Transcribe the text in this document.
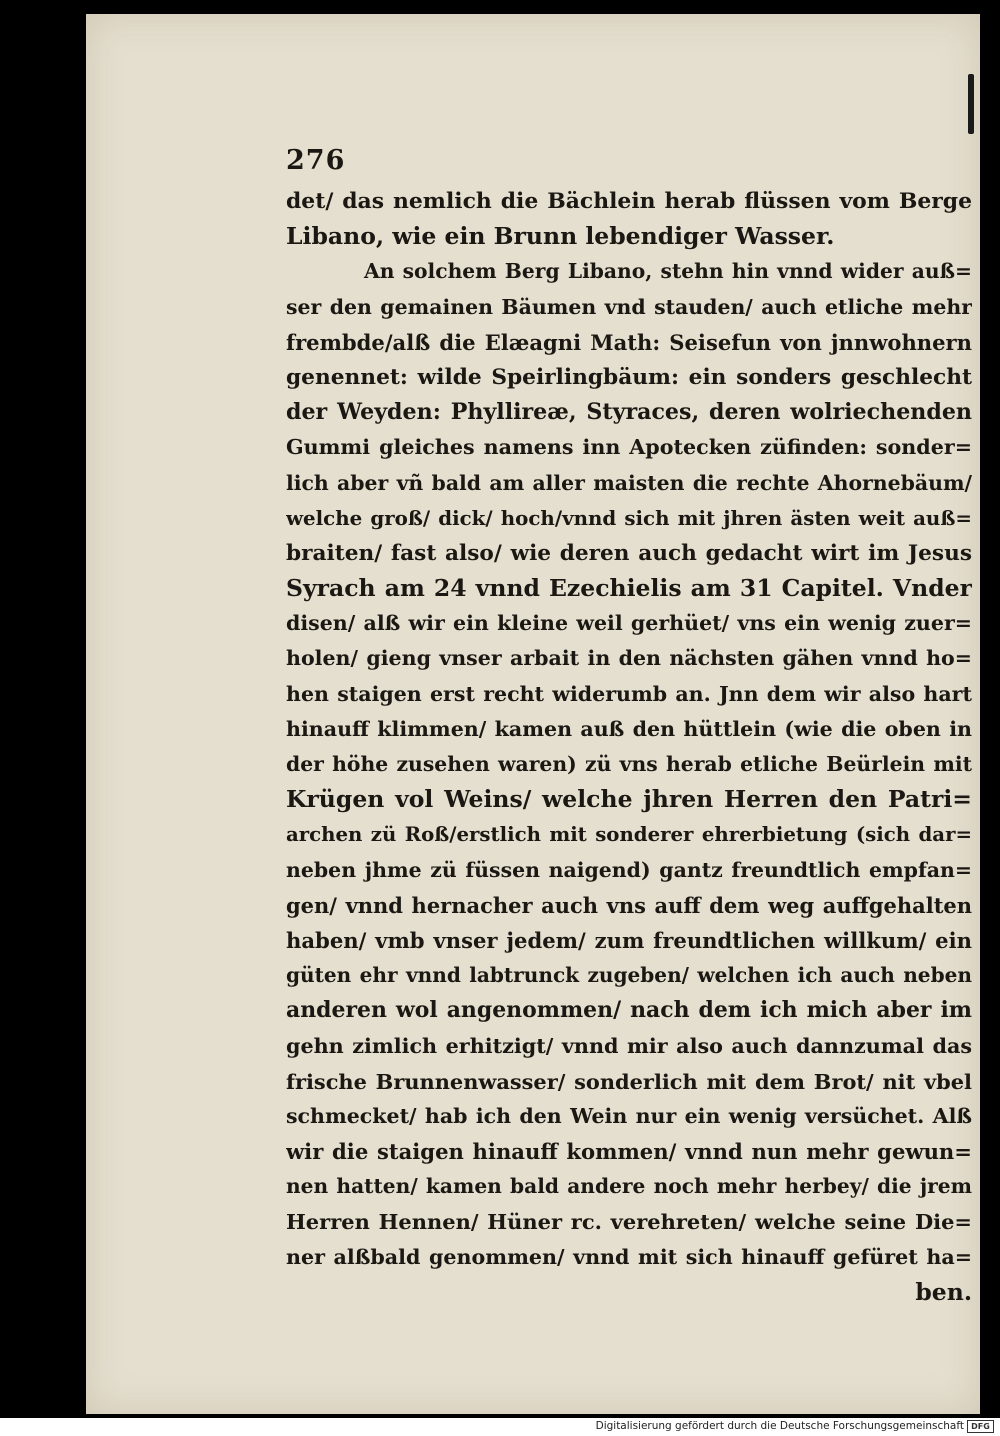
276
det/ das nemlich die Bächlein herab flüssen vom Berge
Libano, wie ein Brunn lebendiger Wasser.
An solchem Berg Libano, stehn hin vnnd wider auß=
ser den gemainen Bäumen vnd stauden/ auch etliche mehr
frembde/alß die Elæagni Math: Seisefun von jnnwohnern
genennet: wilde Speirlingbäum: ein sonders geschlecht
der Weyden: Phyllireæ, Styraces, deren wolriechenden
Gummi gleiches namens inn Apotecken züfinden: sonder=
lich aber vñ bald am aller maisten die rechte Ahornebäum/
welche groß/ dick/ hoch/vnnd sich mit jhren ästen weit auß=
braiten/ fast also/ wie deren auch gedacht wirt im Jesus
Syrach am 24 vnnd Ezechielis am 31 Capitel. Vnder
disen/ alß wir ein kleine weil gerhüet/ vns ein wenig zuer=
holen/ gieng vnser arbait in den nächsten gähen vnnd ho=
hen staigen erst recht widerumb an. Jnn dem wir also hart
hinauff klimmen/ kamen auß den hüttlein (wie die oben in
der höhe zusehen waren) zü vns herab etliche Beürlein mit
Krügen vol Weins/ welche jhren Herren den Patri=
archen zü Roß/erstlich mit sonderer ehrerbietung (sich dar=
neben jhme zü füssen naigend) gantz freundtlich empfan=
gen/ vnnd hernacher auch vns auff dem weg auffgehalten
haben/ vmb vnser jedem/ zum freundtlichen willkum/ ein
güten ehr vnnd labtrunck zugeben/ welchen ich auch neben
anderen wol angenommen/ nach dem ich mich aber im
gehn zimlich erhitzigt/ vnnd mir also auch dannzumal das
frische Brunnenwasser/ sonderlich mit dem Brot/ nit vbel
schmecket/ hab ich den Wein nur ein wenig versüchet. Alß
wir die staigen hinauff kommen/ vnnd nun mehr gewun=
nen hatten/ kamen bald andere noch mehr herbey/ die jrem
Herren Hennen/ Hüner rc. verehreten/ welche seine Die=
ner alßbald genommen/ vnnd mit sich hinauff gefüret ha=
ben.
Digitalisierung gefördert durch die Deutsche Forschungsgemeinschaft DFG
